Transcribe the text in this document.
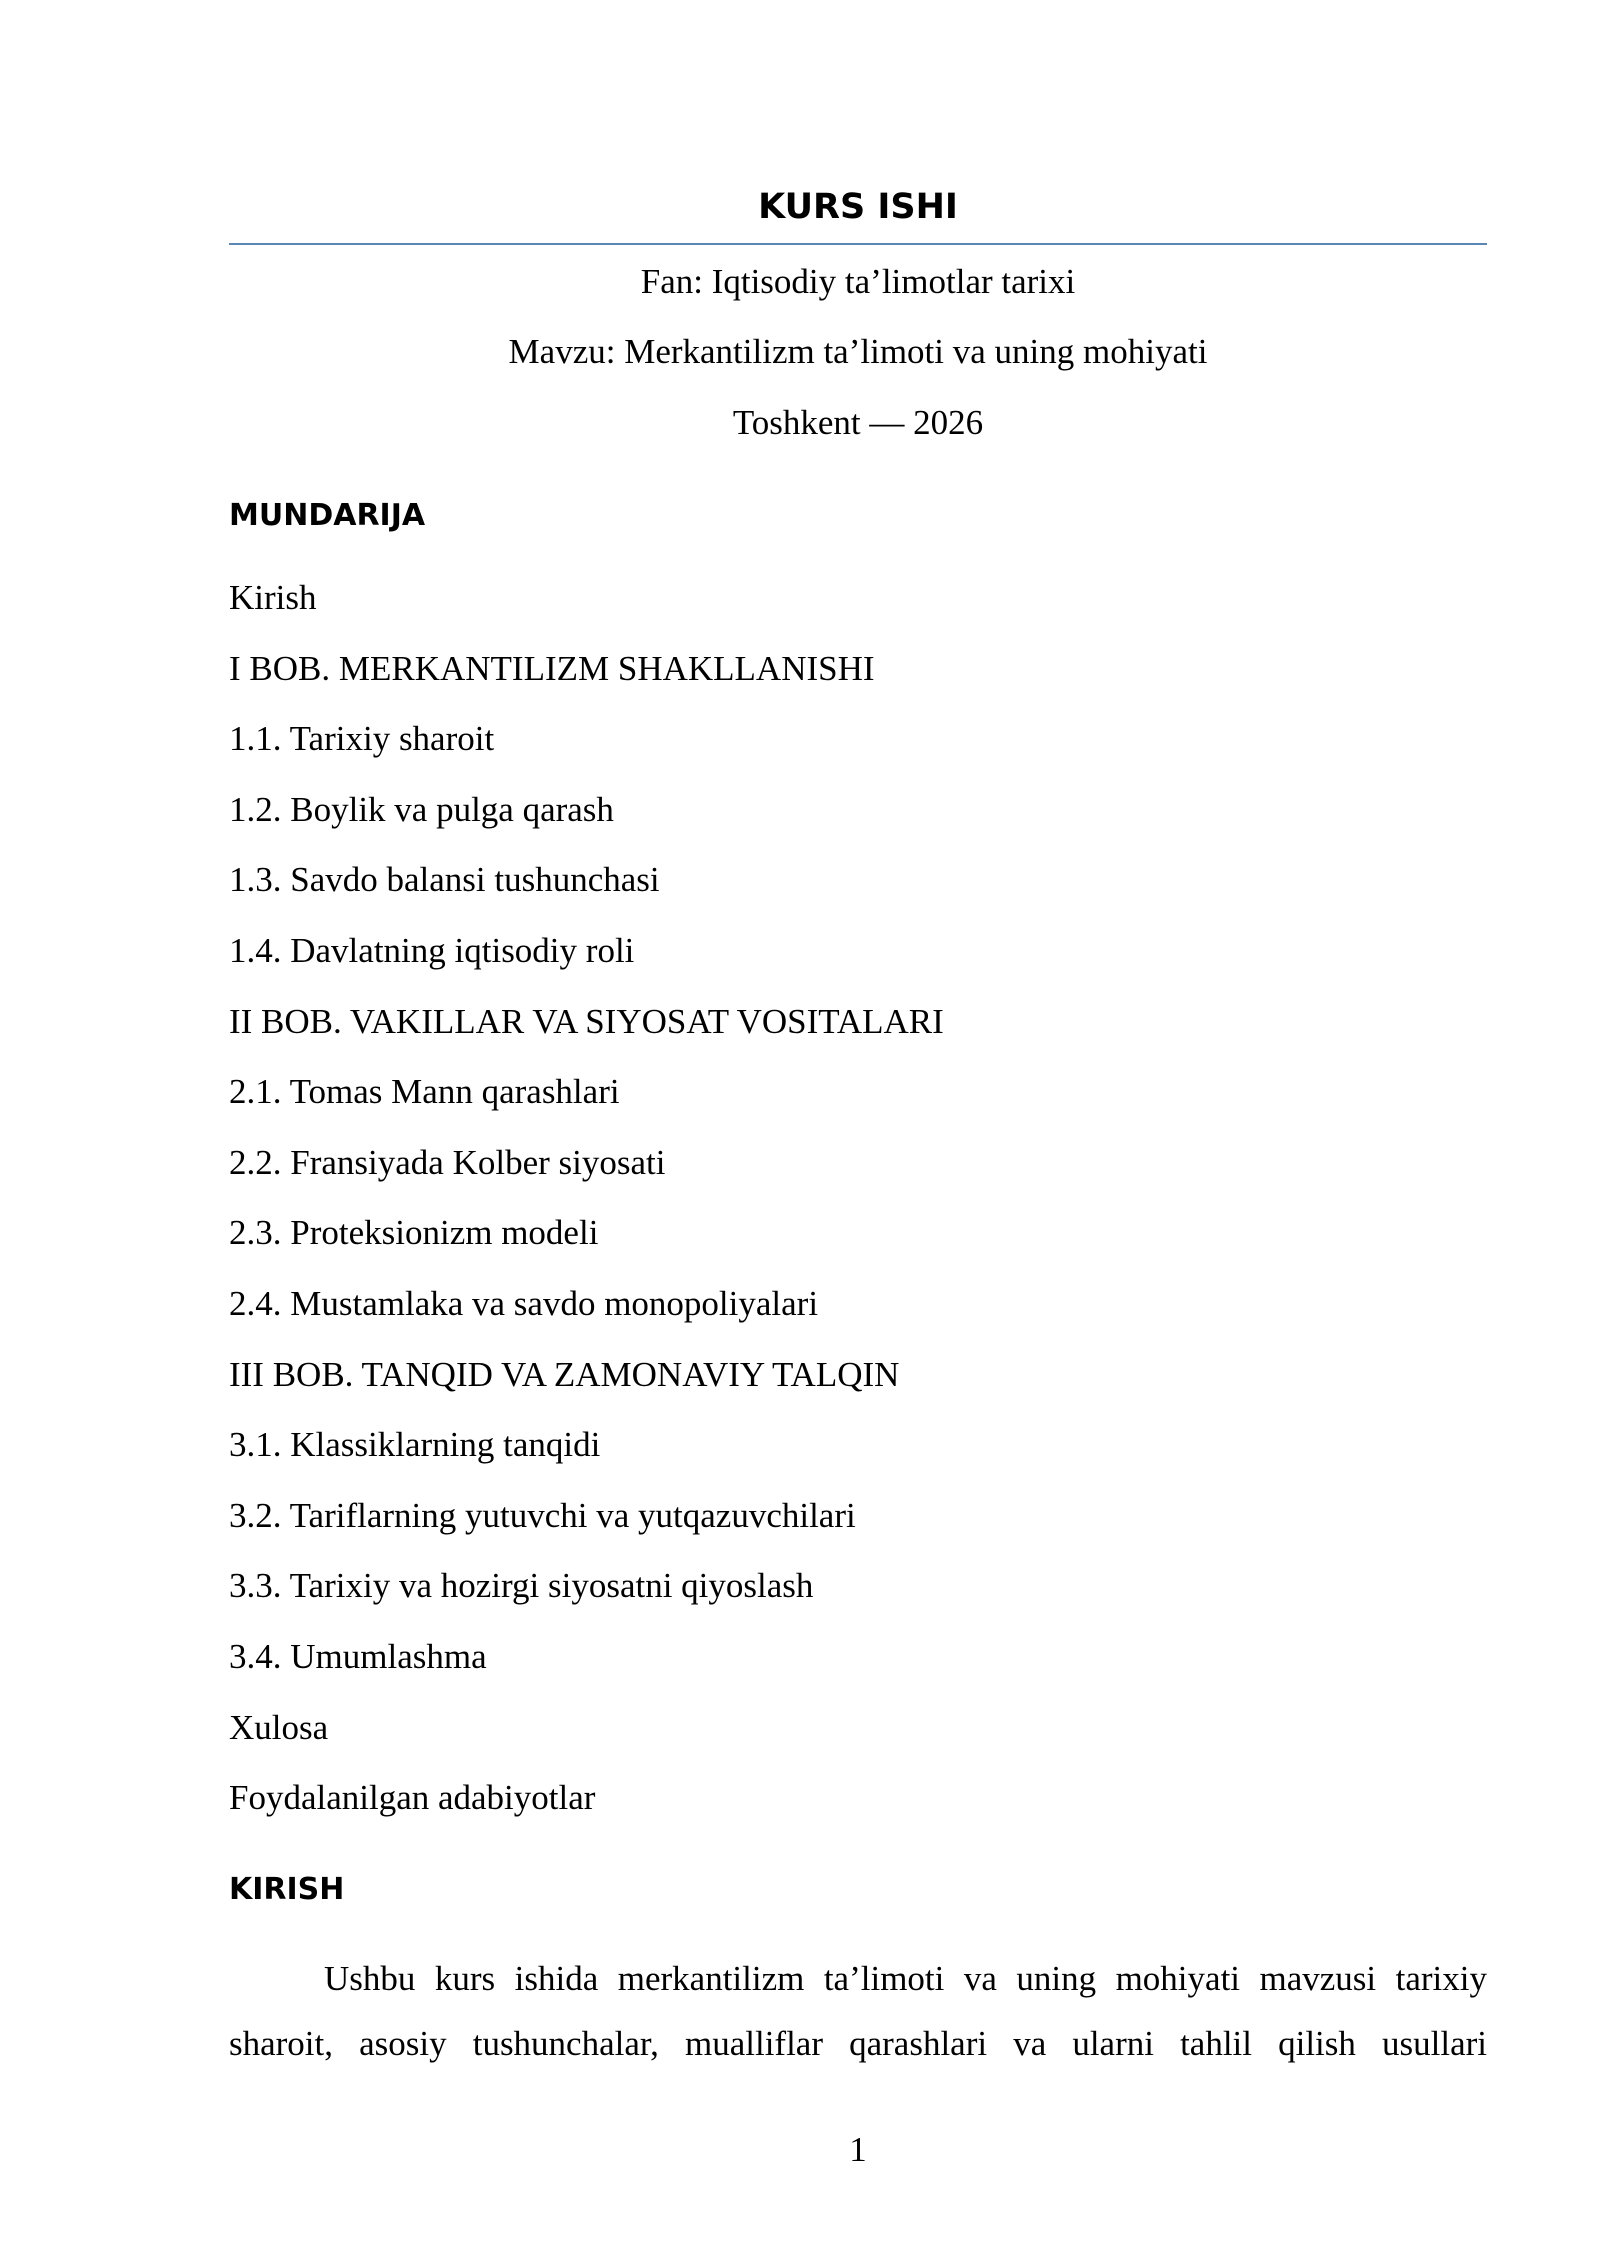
KURS ISHI

Fan: Iqtisodiy ta’limotlar tarixi

Mavzu: Merkantilizm ta’limoti va uning mohiyati

Toshkent — 2026

MUNDARIJA
Kirish
I BOB. MERKANTILIZM SHAKLLANISHI
1.1. Tarixiy sharoit
1.2. Boylik va pulga qarash
1.3. Savdo balansi tushunchasi
1.4. Davlatning iqtisodiy roli
II BOB. VAKILLAR VA SIYOSAT VOSITALARI
2.1. Tomas Mann qarashlari
2.2. Fransiyada Kolber siyosati
2.3. Proteksionizm modeli
2.4. Mustamlaka va savdo monopoliyalari
III BOB. TANQID VA ZAMONAVIY TALQIN
3.1. Klassiklarning tanqidi
3.2. Tariflarning yutuvchi va yutqazuvchilari
3.3. Tarixiy va hozirgi siyosatni qiyoslash
3.4. Umumlashma
Xulosa
Foydalanilgan adabiyotlar
KIRISH

Ushbu kurs ishida merkantilizm ta’limoti va uning mohiyati mavzusi tarixiy sharoit, asosiy tushunchalar, mualliflar qarashlari va ularni tahlil qilish usullari

1
